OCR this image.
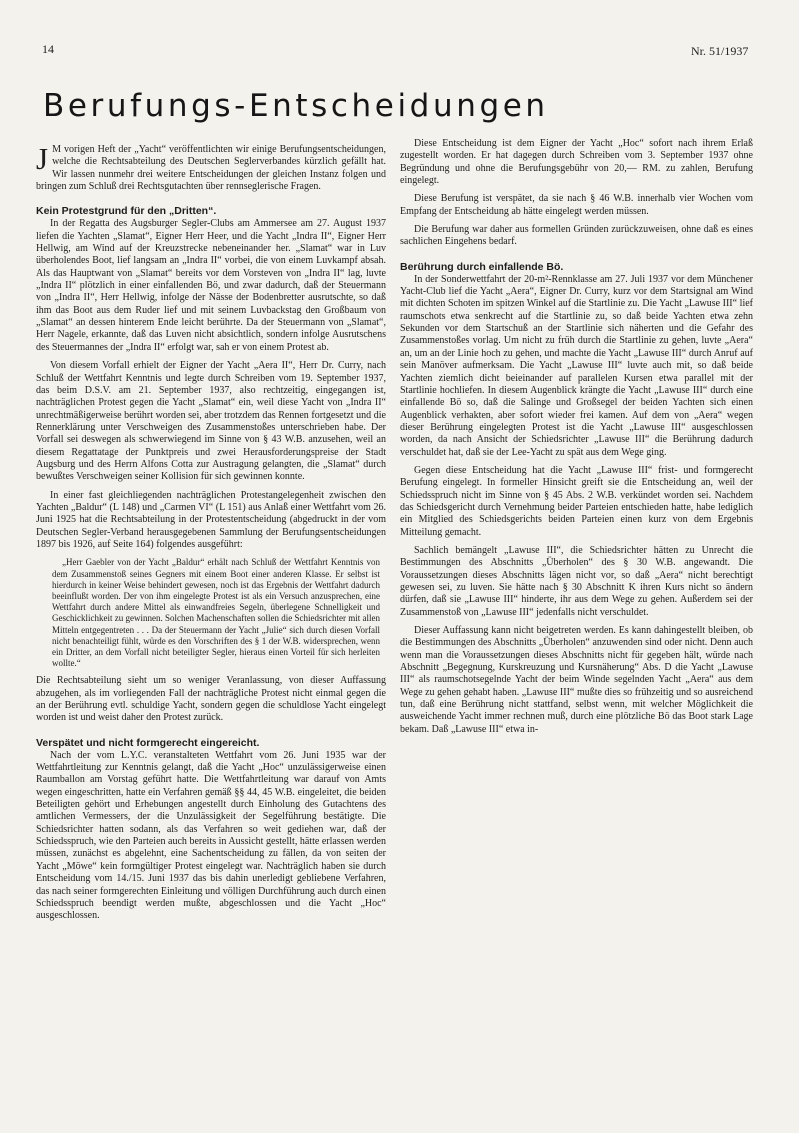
14	Nr. 51/1937
Berufungs-Entscheidungen

J M vorigen Heft der „Yacht“ veröffentlichten wir einige Berufungsentscheidungen, welche die Rechtsabteilung des Deutschen Seglerverbandes kürzlich gefällt hat. Wir lassen nunmehr drei weitere Entscheidungen der gleichen Instanz folgen und bringen zum Schluß drei Rechtsgutachten über rennseglerische Fragen.

Kein Protestgrund für den „Dritten“.

In der Regatta des Augsburger Segler-Clubs am Ammersee am 27. August 1937 liefen die Yachten „Slamat“, Eigner Herr Heer, und die Yacht „Indra II“, Eigner Herr Hellwig, am Wind auf der Kreuzstrecke nebeneinander her. „Slamat“ war in Luv überholendes Boot, lief langsam an „Indra II“ vorbei, die von einem Luvkampf absah. Als das Hauptwant von „Slamat“ bereits vor dem Vorsteven von „Indra II“ lag, luvte „Indra II“ plötzlich in einer einfallenden Bö, und zwar dadurch, daß der Steuermann von „Indra II“, Herr Hellwig, infolge der Nässe der Bodenbretter ausrutschte, so daß ihm das Boot aus dem Ruder lief und mit seinem Luvbackstag den Großbaum von „Slamat“ an dessen hinterem Ende leicht berührte. Da der Steuermann von „Slamat“, Herr Nagele, erkannte, daß das Luven nicht absichtlich, sondern infolge Ausrutschens des Steuermannes der „Indra II“ erfolgt war, sah er von einem Protest ab.

Von diesem Vorfall erhielt der Eigner der Yacht „Aera II“, Herr Dr. Curry, nach Schluß der Wettfahrt Kenntnis und legte durch Schreiben vom 19. September 1937, das beim D.S.V. am 21. September 1937, also rechtzeitig, eingegangen ist, nachträglichen Protest gegen die Yacht „Slamat“ ein, weil diese Yacht von „Indra II“ unrechtmäßigerweise berührt worden sei, aber trotzdem das Rennen fortgesetzt und die Rennerklärung unter Verschweigen des Zusammenstoßes unterschrieben habe. Der Vorfall sei deswegen als schwerwiegend im Sinne von § 43 W.B. anzusehen, weil an diesem Regattatage der Punktpreis und zwei Herausforderungspreise der Stadt Augsburg und des Herrn Alfons Cotta zur Austragung gelangten, die „Slamat“ durch bewußtes Verschweigen seiner Kollision für sich gewinnen konnte.

In einer fast gleichliegenden nachträglichen Protestangelegenheit zwischen den Yachten „Baldur“ (L 148) und „Carmen VI“ (L 151) aus Anlaß einer Wettfahrt vom 26. Juni 1925 hat die Rechtsabteilung in der Protestentscheidung (abgedruckt in der vom Deutschen Segler-Verband herausgegebenen Sammlung der Berufungsentscheidungen 1897 bis 1926, auf Seite 164) folgendes ausgeführt:

„Herr Gaebler von der Yacht „Baldur“ erhält nach Schluß der Wettfahrt Kenntnis von dem Zusammenstoß seines Gegners mit einem Boot einer anderen Klasse. Er selbst ist hierdurch in keiner Weise behindert gewesen, noch ist das Ergebnis der Wettfahrt dadurch beeinflußt worden. Der von ihm eingelegte Protest ist als ein Versuch anzusprechen, eine Wettfahrt durch andere Mittel als einwandfreies Segeln, überlegene Schnelligkeit und Geschicklichkeit zu gewinnen. Solchen Machenschaften sollen die Schiedsrichter mit allen Mitteln entgegentreten . . . Da der Steuermann der Yacht „Julie“ sich durch diesen Vorfall nicht benachteiligt fühlt, würde es den Vorschriften des § 1 der W.B. widersprechen, wenn ein Dritter, an dem Vorfall nicht beteiligter Segler, hieraus einen Vorteil für sich herleiten wollte.“

Die Rechtsabteilung sieht um so weniger Veranlassung, von dieser Auffassung abzugehen, als im vorliegenden Fall der nachträgliche Protest nicht einmal gegen die an der Berührung evtl. schuldige Yacht, sondern gegen die schuldlose Yacht eingelegt worden ist und weist daher den Protest zurück.

Verspätet und nicht formgerecht eingereicht.

Nach der vom L.Y.C. veranstalteten Wettfahrt vom 26. Juni 1935 war der Wettfahrtleitung zur Kenntnis gelangt, daß die Yacht „Hoc“ unzulässigerweise einen Raumballon am Vorstag geführt hatte. Die Wettfahrtleitung war darauf von Amts wegen eingeschritten, hatte ein Verfahren gemäß §§ 44, 45 W.B. eingeleitet, die beiden Beteiligten gehört und Erhebungen angestellt durch Einholung des Gutachtens des amtlichen Vermessers, der die Unzulässigkeit der Segelführung bestätigte. Die Schiedsrichter hatten sodann, als das Verfahren so weit gediehen war, daß der Schiedsspruch, wie den Parteien auch bereits in Aussicht gestellt, hätte erlassen werden müssen, zunächst es abgelehnt, eine Sachentscheidung zu fällen, da von seiten der Yacht „Möwe“ kein formgültiger Protest eingelegt war. Nachträglich haben sie durch Entscheidung vom 14./15. Juni 1937 das bis dahin unerledigt gebliebene Verfahren, das nach seiner formgerechten Einleitung und völligen Durchführung auch durch einen Schiedsspruch beendigt werden mußte, abgeschlossen und die Yacht „Hoc“ ausgeschlossen.

Diese Entscheidung ist dem Eigner der Yacht „Hoc“ sofort nach ihrem Erlaß zugestellt worden. Er hat dagegen durch Schreiben vom 3. September 1937 ohne Begründung und ohne die Berufungsgebühr von 20,— RM. zu zahlen, Berufung eingelegt.

Diese Berufung ist verspätet, da sie nach § 46 W.B. innerhalb vier Wochen vom Empfang der Entscheidung ab hätte eingelegt werden müssen.

Die Berufung war daher aus formellen Gründen zurückzuweisen, ohne daß es eines sachlichen Eingehens bedarf.

Berührung durch einfallende Bö.

In der Sonderwettfahrt der 20-m²-Rennklasse am 27. Juli 1937 vor dem Münchener Yacht-Club lief die Yacht „Aera“, Eigner Dr. Curry, kurz vor dem Startsignal am Wind mit dichten Schoten im spitzen Winkel auf die Startlinie zu. Die Yacht „Lawuse III“ lief raumschots etwa senkrecht auf die Startlinie zu, so daß beide Yachten etwa zehn Sekunden vor dem Startschuß an der Startlinie sich näherten und die Gefahr des Zusammenstoßes vorlag. Um nicht zu früh durch die Startlinie zu gehen, luvte „Aera“ an, um an der Linie hoch zu gehen, und machte die Yacht „Lawuse III“ durch Anruf auf sein Manöver aufmerksam. Die Yacht „Lawuse III“ luvte auch mit, so daß beide Yachten ziemlich dicht beieinander auf parallelen Kursen etwa parallel mit der Startlinie hochliefen. In diesem Augenblick krängte die Yacht „Lawuse III“ durch eine einfallende Bö so, daß die Salinge und Großsegel der beiden Yachten sich einen Augenblick verhakten, aber sofort wieder frei kamen. Auf dem von „Aera“ wegen dieser Berührung eingelegten Protest ist die Yacht „Lawuse III“ ausgeschlossen worden, da nach Ansicht der Schiedsrichter „Lawuse III“ die Berührung dadurch verschuldet hat, daß sie der Lee-Yacht zu spät aus dem Wege ging.

Gegen diese Entscheidung hat die Yacht „Lawuse III“ frist- und formgerecht Berufung eingelegt. In formeller Hinsicht greift sie die Entscheidung an, weil der Schiedsspruch nicht im Sinne von § 45 Abs. 2 W.B. verkündet worden sei. Nachdem das Schiedsgericht durch Vernehmung beider Parteien entschieden hatte, habe lediglich ein Mitglied des Schiedsgerichts beiden Parteien einen kurz von dem Ergebnis Mitteilung gemacht.

Sachlich bemängelt „Lawuse III“, die Schiedsrichter hätten zu Unrecht die Bestimmungen des Abschnitts „Überholen“ des § 30 W.B. angewandt. Die Voraussetzungen dieses Abschnitts lägen nicht vor, so daß „Aera“ nicht berechtigt gewesen sei, zu luven. Sie hätte nach § 30 Abschnitt K ihren Kurs nicht so ändern dürfen, daß sie „Lawuse III“ hinderte, ihr aus dem Wege zu gehen. Außerdem sei der Zusammenstoß von „Lawuse III“ jedenfalls nicht verschuldet.

Dieser Auffassung kann nicht beigetreten werden. Es kann dahingestellt bleiben, ob die Bestimmungen des Abschnitts „Überholen“ anzuwenden sind oder nicht. Denn auch wenn man die Voraussetzungen dieses Abschnitts nicht für gegeben hält, würde nach Abschnitt „Begegnung, Kurskreuzung und Kursnäherung“ Abs. D die Yacht „Lawuse III“ als raumschotsegelnde Yacht der beim Winde segelnden Yacht „Aera“ aus dem Wege zu gehen gehabt haben. „Lawuse III“ mußte dies so frühzeitig und so ausreichend tun, daß eine Berührung nicht stattfand, selbst wenn, mit welcher Möglichkeit die ausweichende Yacht immer rechnen muß, durch eine plötzliche Bö das Boot stark Lage bekam. Daß „Lawuse III“ etwa in-
